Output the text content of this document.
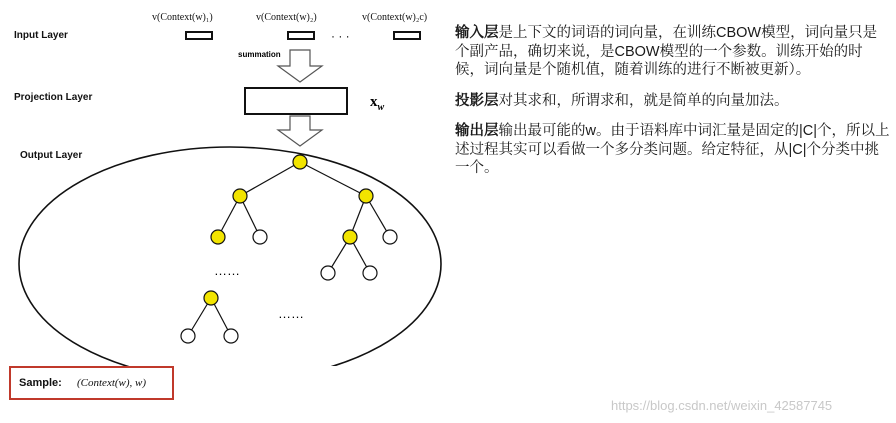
Input Layer
Projection Layer
Output Layer
v(Context(w)₁)	v(Context(w)₂)	v(Context(w)₂c)
· · ·
summation
$x_w$
……
……
Sample: (Context(w), w)

输入层是上下文的词语的词向量，在训练CBOW模型，词向量只是个副产品，确切来说，是CBOW模型的一个参数。训练开始的时候，词向量是个随机值，随着训练的进行不断被更新）。

投影层对其求和，所谓求和，就是简单的向量加法。

输出层输出最可能的w。由于语料库中词汇量是固定的|C|个，所以上述过程其实可以看做一个多分类问题。给定特征，从|C|个分类中挑一个。

https://blog.csdn.net/weixin_42587745
